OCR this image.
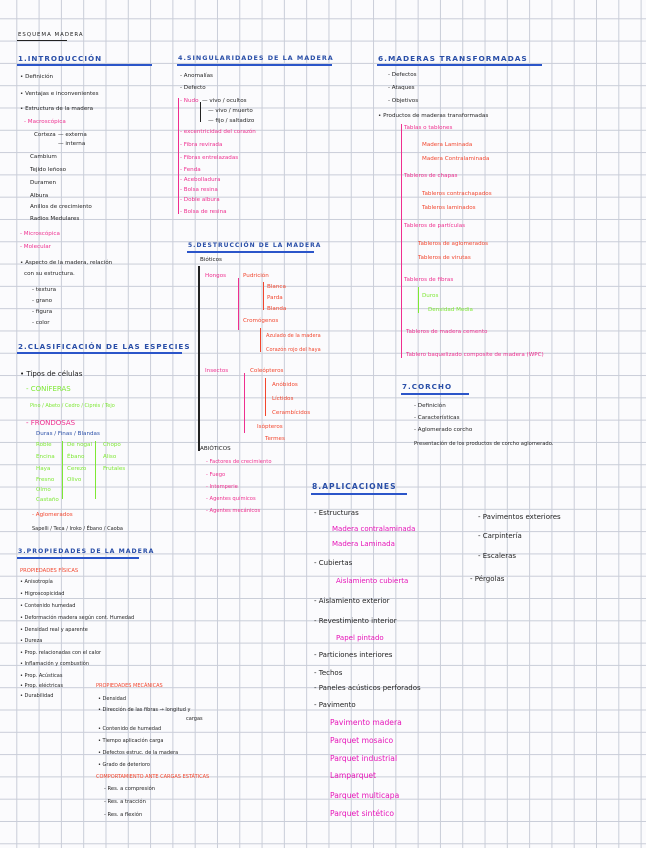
ESQUEMA MADERA
1.INTRODUCCIÓN
• Definición
• Ventajas e inconvenientes
• Estructura de la madera
- Macroscópica
Corteza — externa
— interna
Cambium
Tejido leñoso
Duramen
Albura
Anillos de crecimiento
Radios Medulares
- Microscópica
- Molecular
• Aspecto de la madera, relación
con su estructura.
- textura
- grano
- figura
- color
2.CLASIFICACIÓN DE LAS ESPECIES
• Tipos de células
- CONÍFERAS
Pino / Abeto / Cedro / Ciprés / Tejo
- FRONDOSAS
Duras / Finas / Blandas
Roble
Encina
Haya
Fresno
Olmo
Castaño
De nogal
Ébano
Cerezo
Olivo
Chopo
Aliso
Frutales
- Aglomerados
Sapelli / Teca / Iroko / Ébano / Caoba
3.PROPIEDADES DE LA MADERA
PROPIEDADES FÍSICAS
• Anisotropía
• Higroscopicidad
• Contenido humedad
• Deformación madera según cont. Humedad
• Densidad real y aparente
• Dureza
• Prop. relacionadas con el calor
• Inflamación y combustión
• Prop. Acústicas
• Prop. eléctricas
• Durabilidad
PROPIEDADES MECÁNICAS
• Densidad
• Dirección de las fibras → longitud y
cargas
• Contenido de humedad
• Tiempo aplicación carga
• Defectos estruc. de la madera
• Grado de deterioro
COMPORTAMIENTO ANTE CARGAS ESTÁTICAS
- Res. a compresión
- Res. a tracción
- Res. a flexión
4.SINGULARIDADES DE LA MADERA
- Anomalías
- Defecto
- Nudo — vivo / ocultos
— vivo / muerto
— fijo / saltadizo
- excentricidad del corazón
- Fibra revirada
- Fibras entrelazadas
- Fenda
- Acebolladura
- Bolsa resina
- Doble albura
- Bolsa de resina
5.DESTRUCCIÓN DE LA MADERA
Bióticos
Hongos	Pudrición
Blanca
Parda
Blanda
Cromógenos
Azulado de la madera
Corazón rojo del haya
Insectos	Coleópteros
Anóbidos
Líctidos
Cerambícidos
Isópteros
Termes
ABIÓTICOS
- Factores de crecimiento
- Fuego
- Intemperie
- Agentes químicos
- Agentes mecánicos
6.MADERAS TRANSFORMADAS
- Defectos
- Ataques
- Objetivos
• Productos de maderas transformadas
Tablas o tablones
Madera Laminada
Madera Contralaminada
Tableros de chapas
Tableros contrachapados
Tableros laminados
Tableros de partículas
Tableros de aglomerados
Tableros de virutas
Tableros de fibras
Duros
Densidad Media
Tableros de madera cemento
Tablero baquelizado composite de madera (WPC)
7.CORCHO
- Definición
- Características
- Aglomerado corcho
Presentación de los productos de corcho aglomerado.
8.APLICACIONES
- Estructuras
Madera contralaminada
Madera Laminada
- Cubiertas
Aislamiento cubierta
- Aislamiento exterior
- Revestimiento interior
Papel pintado
- Particiones interiores
- Techos
- Paneles acústicos perforados
- Pavimento
Pavimento madera
Parquet mosaico
Parquet industrial
Lamparquet
Parquet multicapa
Parquet sintético
- Pavimentos exteriores
- Carpintería
- Escaleras
- Pérgolas
